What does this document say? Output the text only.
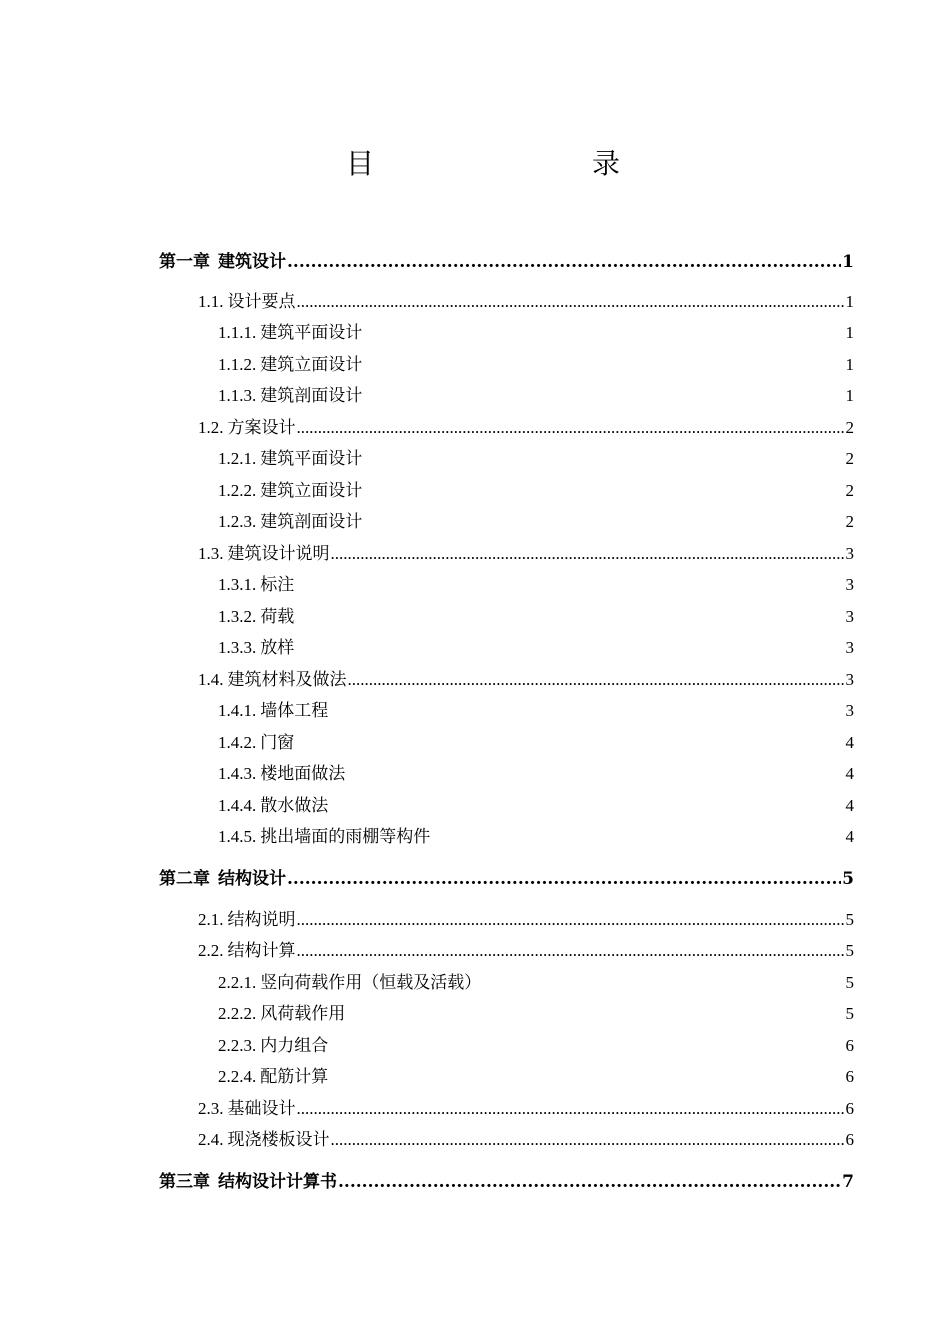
目　　录
第一章 建筑设计 .....	1
1.1. 设计要点 .....	1
1.1.1. 建筑平面设计	1
1.1.2. 建筑立面设计	1
1.1.3. 建筑剖面设计	1
1.2. 方案设计 .....	2
1.2.1. 建筑平面设计	2
1.2.2. 建筑立面设计	2
1.2.3. 建筑剖面设计	2
1.3. 建筑设计说明 .....	3
1.3.1. 标注	3
1.3.2. 荷载	3
1.3.3. 放样	3
1.4. 建筑材料及做法 .....	3
1.4.1. 墙体工程	3
1.4.2. 门窗	4
1.4.3. 楼地面做法	4
1.4.4. 散水做法	4
1.4.5. 挑出墙面的雨棚等构件	4
第二章 结构设计 .....	5
2.1. 结构说明 .....	5
2.2. 结构计算 .....	5
2.2.1. 竖向荷载作用（恒载及活载）	5
2.2.2. 风荷载作用	5
2.2.3. 内力组合	6
2.2.4. 配筋计算	6
2.3. 基础设计 .....	6
2.4. 现浇楼板设计 .....	6
第三章 结构设计计算书 .....	7
